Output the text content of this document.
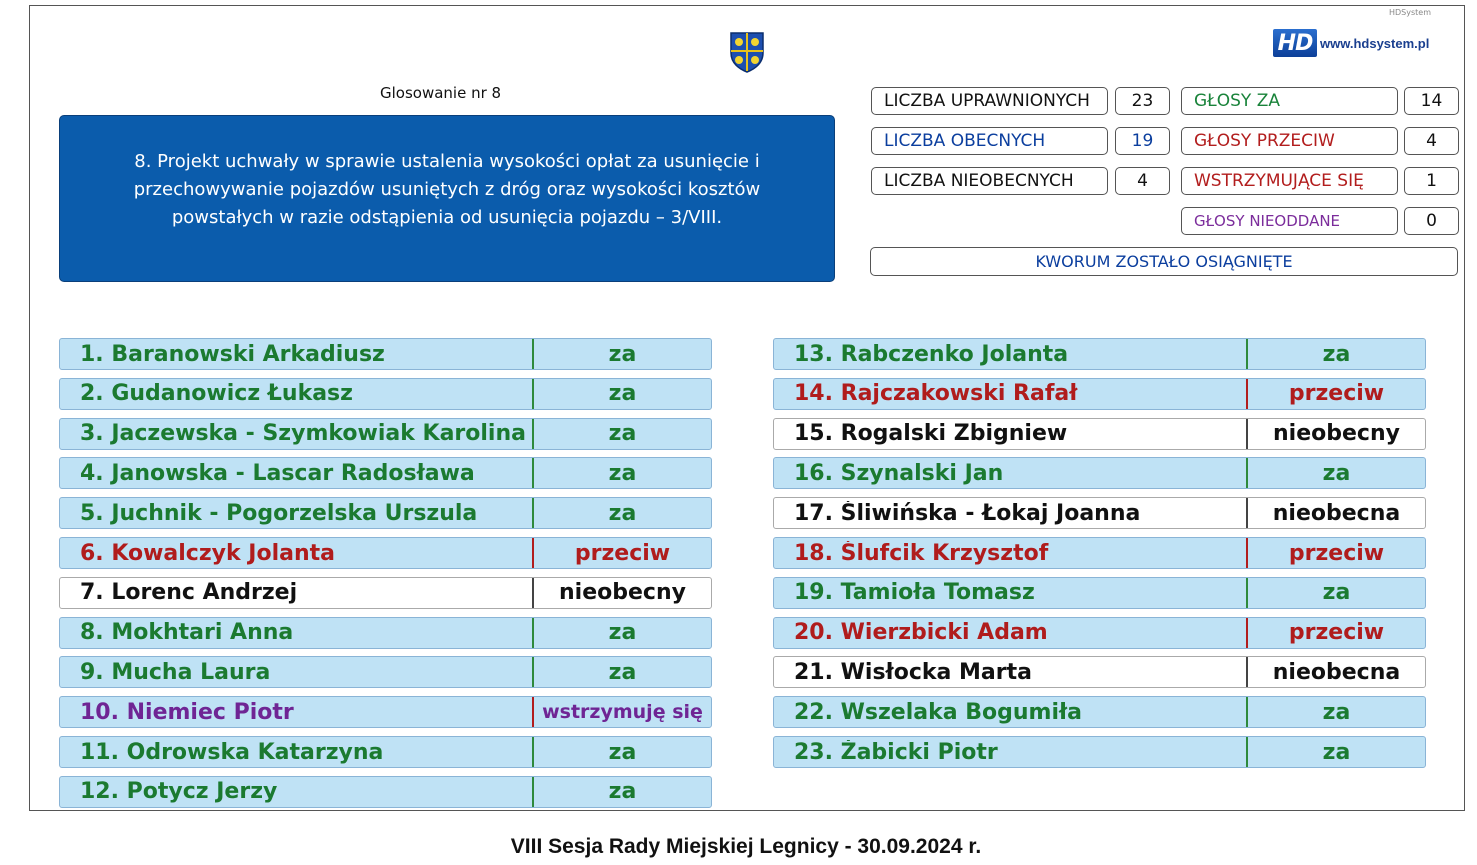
HDSystem
HD www.hdsystem.pl
Glosowanie nr 8
8. Projekt uchwały w sprawie ustalenia wysokości opłat za usunięcie i przechowywanie pojazdów usuniętych z dróg oraz wysokości kosztów powstałych w razie odstąpienia od usunięcia pojazdu – 3/VIII.
LICZBA UPRAWNIONYCH	23
LICZBA OBECNYCH	19
LICZBA NIEOBECNYCH	4
GŁOSY ZA	14
GŁOSY PRZECIW	4
WSTRZYMUJĄCE SIĘ	1
GŁOSY NIEODDANE	0
KWORUM ZOSTAŁO OSIĄGNIĘTE
1. Baranowski Arkadiusz	za
2. Gudanowicz Łukasz	za
3. Jaczewska - Szymkowiak Karolina	za
4. Janowska - Lascar Radosława	za
5. Juchnik - Pogorzelska Urszula	za
6. Kowalczyk Jolanta	przeciw
7. Lorenc Andrzej	nieobecny
8. Mokhtari Anna	za
9. Mucha Laura	za
10. Niemiec Piotr	wstrzymuję się
11. Odrowska Katarzyna	za
12. Potycz Jerzy	za
13. Rabczenko Jolanta	za
14. Rajczakowski Rafał	przeciw
15. Rogalski Zbigniew	nieobecny
16. Szynalski Jan	za
17. Śliwińska - Łokaj Joanna	nieobecna
18. Ślufcik Krzysztof	przeciw
19. Tamioła Tomasz	za
20. Wierzbicki Adam	przeciw
21. Wisłocka Marta	nieobecna
22. Wszelaka Bogumiła	za
23. Żabicki Piotr	za
VIII Sesja Rady Miejskiej Legnicy - 30.09.2024 r.
